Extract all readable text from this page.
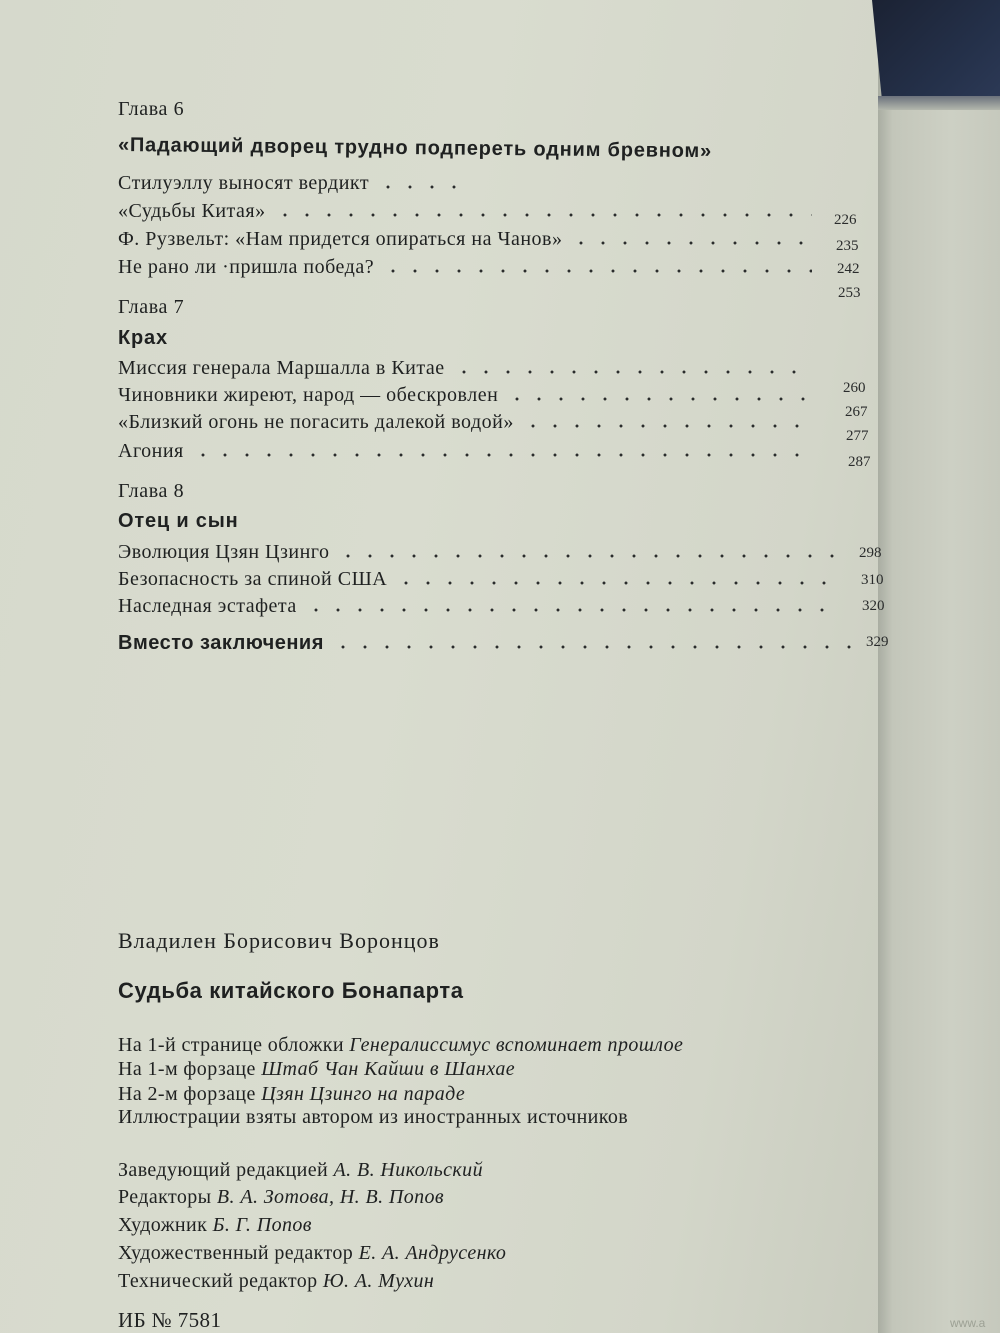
Глава 6
«Падающий дворец трудно подпереть одним бревном»
Стилуэллу выносят вердикт
«Судьбы Китая»
Ф. Рузвельт: «Нам придется опираться на Чанов»
Не рано ли ·пришла победа?
226
235
242
253
Глава 7
Крах
Миссия генерала Маршалла в Китае
Чиновники жиреют, народ — обескровлен
«Близкий огонь не погасить далекой водой»
Агония
260
267
277
287
Глава 8
Отец и сын
Эволюция Цзян Цзинго
Безопасность за спиной США
Наследная эстафета
298
310
320
Вместо заключения	329
Владилен Борисович Воронцов
Судьба китайского Бонапарта
На 1-й странице обложки Генералиссимус вспоминает прошлое
На 1-м форзаце Штаб Чан Кайши в Шанхае
На 2-м форзаце Цзян Цзинго на параде
Иллюстрации взяты автором из иностранных источников
Заведующий редакцией А. В. Никольский
Редакторы В. А. Зотова, Н. В. Попов
Художник Б. Г. Попов
Художественный редактор Е. А. Андрусенко
Технический редактор Ю. А. Мухин
ИБ № 7581	www.a
